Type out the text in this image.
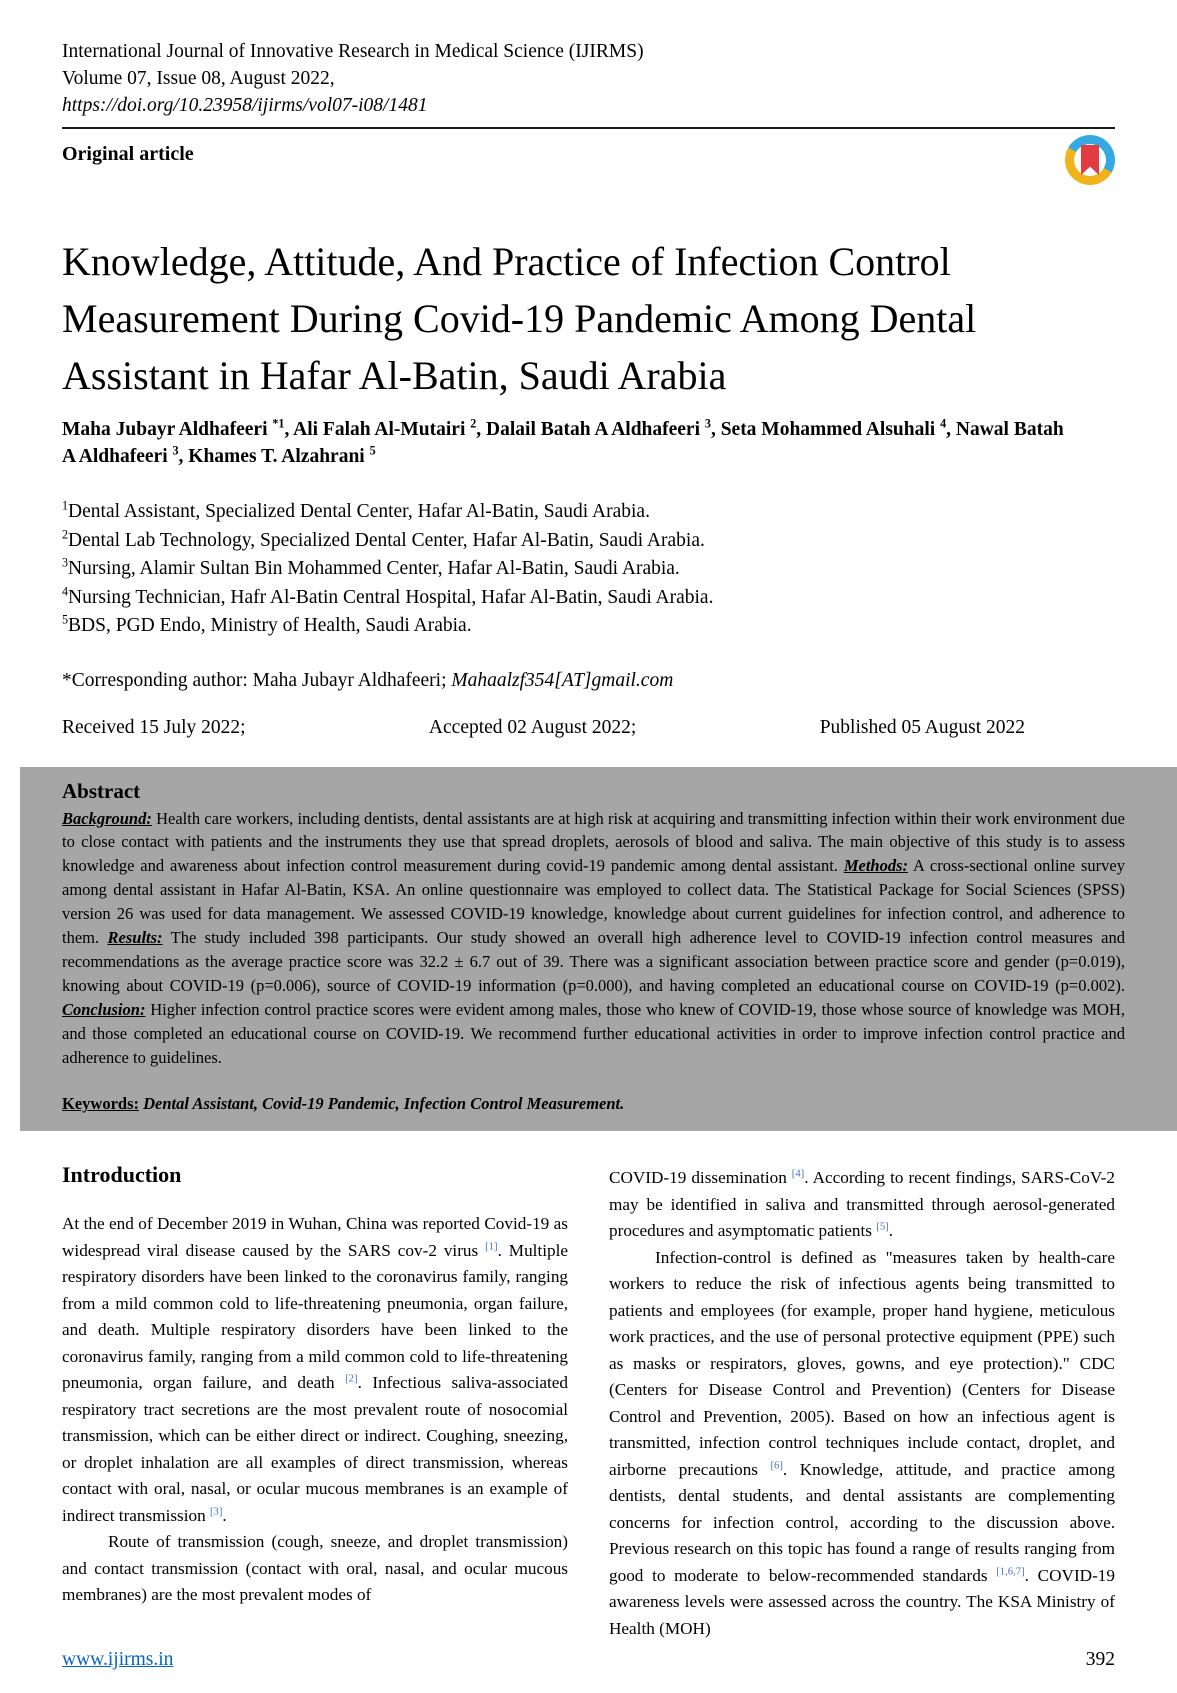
International Journal of Innovative Research in Medical Science (IJIRMS)
Volume 07, Issue 08, August 2022,
https://doi.org/10.23958/ijirms/vol07-i08/1481
Original article
Knowledge, Attitude, And Practice of Infection Control Measurement During Covid-19 Pandemic Among Dental Assistant in Hafar Al-Batin, Saudi Arabia
Maha Jubayr Aldhafeeri $^{*1}$, Ali Falah Al-Mutairi $^2$, Dalail Batah A Aldhafeeri $^3$, Seta Mohammed Alsuhali $^4$, Nawal Batah A Aldhafeeri $^3$, Khames T. Alzahrani $^5$
$^1$Dental Assistant, Specialized Dental Center, Hafar Al-Batin, Saudi Arabia.
$^2$Dental Lab Technology, Specialized Dental Center, Hafar Al-Batin, Saudi Arabia.
$^3$Nursing, Alamir Sultan Bin Mohammed Center, Hafar Al-Batin, Saudi Arabia.
$^4$Nursing Technician, Hafr Al-Batin Central Hospital, Hafar Al-Batin, Saudi Arabia.
$^5$BDS, PGD Endo, Ministry of Health, Saudi Arabia.
*Corresponding author: Maha Jubayr Aldhafeeri; Mahaalzf354[AT]gmail.com
Received 15 July 2022;	Accepted 02 August 2022;	Published 05 August 2022
Abstract

Background: Health care workers, including dentists, dental assistants are at high risk at acquiring and transmitting infection within their work environment due to close contact with patients and the instruments they use that spread droplets, aerosols of blood and saliva. The main objective of this study is to assess knowledge and awareness about infection control measurement during covid-19 pandemic among dental assistant. Methods: A cross-sectional online survey among dental assistant in Hafar Al-Batin, KSA. An online questionnaire was employed to collect data. The Statistical Package for Social Sciences (SPSS) version 26 was used for data management. We assessed COVID-19 knowledge, knowledge about current guidelines for infection control, and adherence to them. Results: The study included 398 participants. Our study showed an overall high adherence level to COVID-19 infection control measures and recommendations as the average practice score was 32.2 ± 6.7 out of 39. There was a significant association between practice score and gender (p=0.019), knowing about COVID-19 (p=0.006), source of COVID-19 information (p=0.000), and having completed an educational course on COVID-19 (p=0.002). Conclusion: Higher infection control practice scores were evident among males, those who knew of COVID-19, those whose source of knowledge was MOH, and those completed an educational course on COVID-19. We recommend further educational activities in order to improve infection control practice and adherence to guidelines.

Keywords: Dental Assistant, Covid-19 Pandemic, Infection Control Measurement.

Introduction

At the end of December 2019 in Wuhan, China was reported Covid-19 as widespread viral disease caused by the SARS cov-2 virus [1]. Multiple respiratory disorders have been linked to the coronavirus family, ranging from a mild common cold to life-threatening pneumonia, organ failure, and death. Multiple respiratory disorders have been linked to the coronavirus family, ranging from a mild common cold to life-threatening pneumonia, organ failure, and death [2]. Infectious saliva-associated respiratory tract secretions are the most prevalent route of nosocomial transmission, which can be either direct or indirect. Coughing, sneezing, or droplet inhalation are all examples of direct transmission, whereas contact with oral, nasal, or ocular mucous membranes is an example of indirect transmission [3].

Route of transmission (cough, sneeze, and droplet transmission) and contact transmission (contact with oral, nasal, and ocular mucous membranes) are the most prevalent modes of

COVID-19 dissemination [4]. According to recent findings, SARS-CoV-2 may be identified in saliva and transmitted through aerosol-generated procedures and asymptomatic patients [5].

Infection-control is defined as "measures taken by health-care workers to reduce the risk of infectious agents being transmitted to patients and employees (for example, proper hand hygiene, meticulous work practices, and the use of personal protective equipment (PPE) such as masks or respirators, gloves, gowns, and eye protection)." CDC (Centers for Disease Control and Prevention) (Centers for Disease Control and Prevention, 2005). Based on how an infectious agent is transmitted, infection control techniques include contact, droplet, and airborne precautions [6]. Knowledge, attitude, and practice among dentists, dental students, and dental assistants are complementing concerns for infection control, according to the discussion above. Previous research on this topic has found a range of results ranging from good to moderate to below-recommended standards [1,6,7]. COVID-19 awareness levels were assessed across the country. The KSA Ministry of Health (MOH)

www.ijirms.in	392
